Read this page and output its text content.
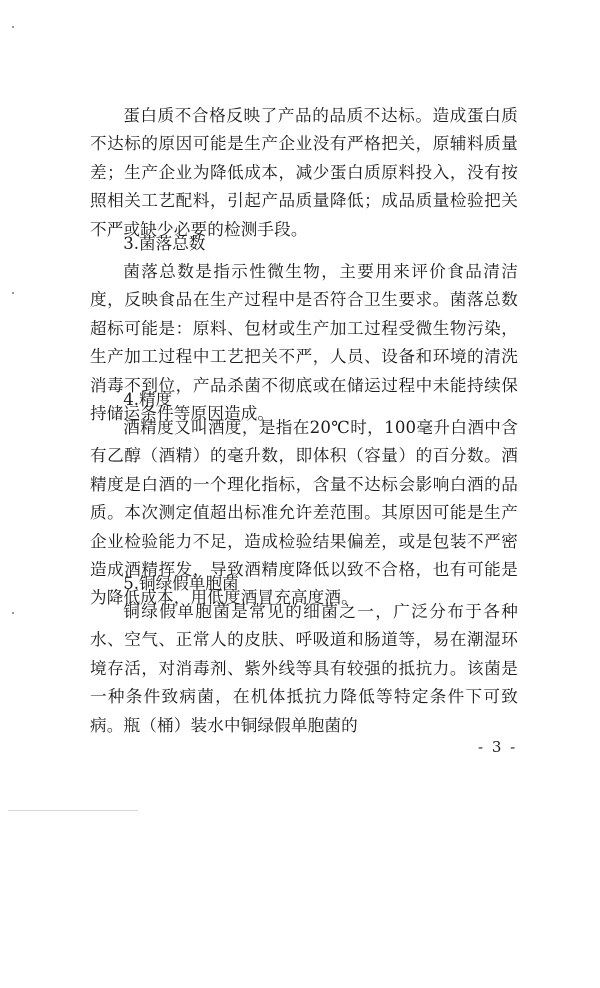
蛋白质不合格反映了产品的品质不达标。造成蛋白质不达标的原因可能是生产企业没有严格把关，原辅料质量差；生产企业为降低成本，减少蛋白质原料投入，没有按照相关工艺配料，引起产品质量降低；成品质量检验把关不严或缺少必要的检测手段。

3.菌落总数

菌落总数是指示性微生物，主要用来评价食品清洁度，反映食品在生产过程中是否符合卫生要求。菌落总数超标可能是：原料、包材或生产加工过程受微生物污染，生产加工过程中工艺把关不严，人员、设备和环境的清洗消毒不到位，产品杀菌不彻底或在储运过程中未能持续保持储运条件等原因造成。

4.精度

酒精度又叫酒度，是指在20℃时，100毫升白酒中含有乙醇（酒精）的毫升数，即体积（容量）的百分数。酒精度是白酒的一个理化指标，含量不达标会影响白酒的品质。本次测定值超出标准允许差范围。其原因可能是生产企业检验能力不足，造成检验结果偏差，或是包装不严密造成酒精挥发，导致酒精度降低以致不合格，也有可能是为降低成本，用低度酒冒充高度酒。

5.铜绿假单胞菌

铜绿假单胞菌是常见的细菌之一，广泛分布于各种水、空气、正常人的皮肤、呼吸道和肠道等，易在潮湿环境存活，对消毒剂、紫外线等具有较强的抵抗力。该菌是一种条件致病菌，在机体抵抗力降低等特定条件下可致病。瓶（桶）装水中铜绿假单胞菌的

- 3 -
